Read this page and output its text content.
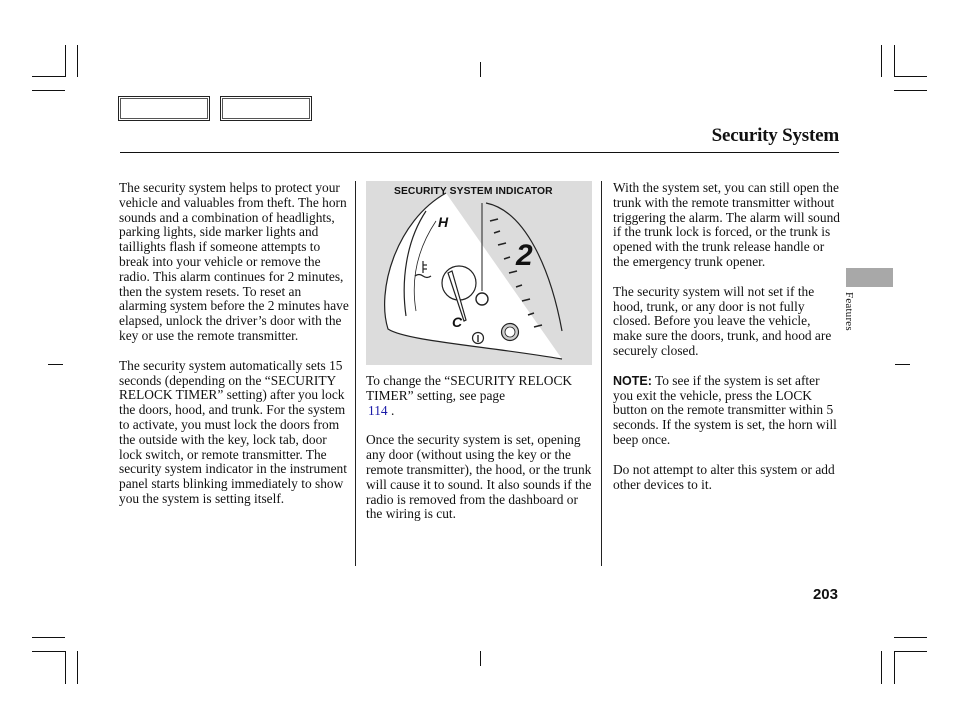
Security System

The security system helps to protect your vehicle and valuables from theft. The horn sounds and a combination of headlights, parking lights, side marker lights and taillights flash if someone attempts to break into your vehicle or remove the radio. This alarm continues for 2 minutes, then the system resets. To reset an alarming system before the 2 minutes have elapsed, unlock the driver’s door with the key or use the remote transmitter.

The security system automatically sets 15 seconds (depending on the “SECURITY RELOCK TIMER” setting) after you lock the doors, hood, and trunk. For the system to activate, you must lock the doors from the outside with the key, lock tab, door lock switch, or remote transmitter. The security system indicator in the instrument panel starts blinking immediately to show you the system is setting itself.

2
H
C
SECURITY SYSTEM INDICATOR

To change the “SECURITY RELOCK TIMER” setting, see page
114 .

Once the security system is set, opening any door (without using the key or the remote transmitter), the hood, or the trunk will cause it to sound. It also sounds if the radio is removed from the dashboard or the wiring is cut.

With the system set, you can still open the trunk with the remote transmitter without triggering the alarm. The alarm will sound if the trunk lock is forced, or the trunk is opened with the trunk release handle or the emergency trunk opener.

The security system will not set if the hood, trunk, or any door is not fully closed. Before you leave the vehicle, make sure the doors, trunk, and hood are securely closed.

NOTE: To see if the system is set after you exit the vehicle, press the LOCK button on the remote transmitter within 5 seconds. If the system is set, the horn will beep once.

Do not attempt to alter this system or add other devices to it.

Features
203
